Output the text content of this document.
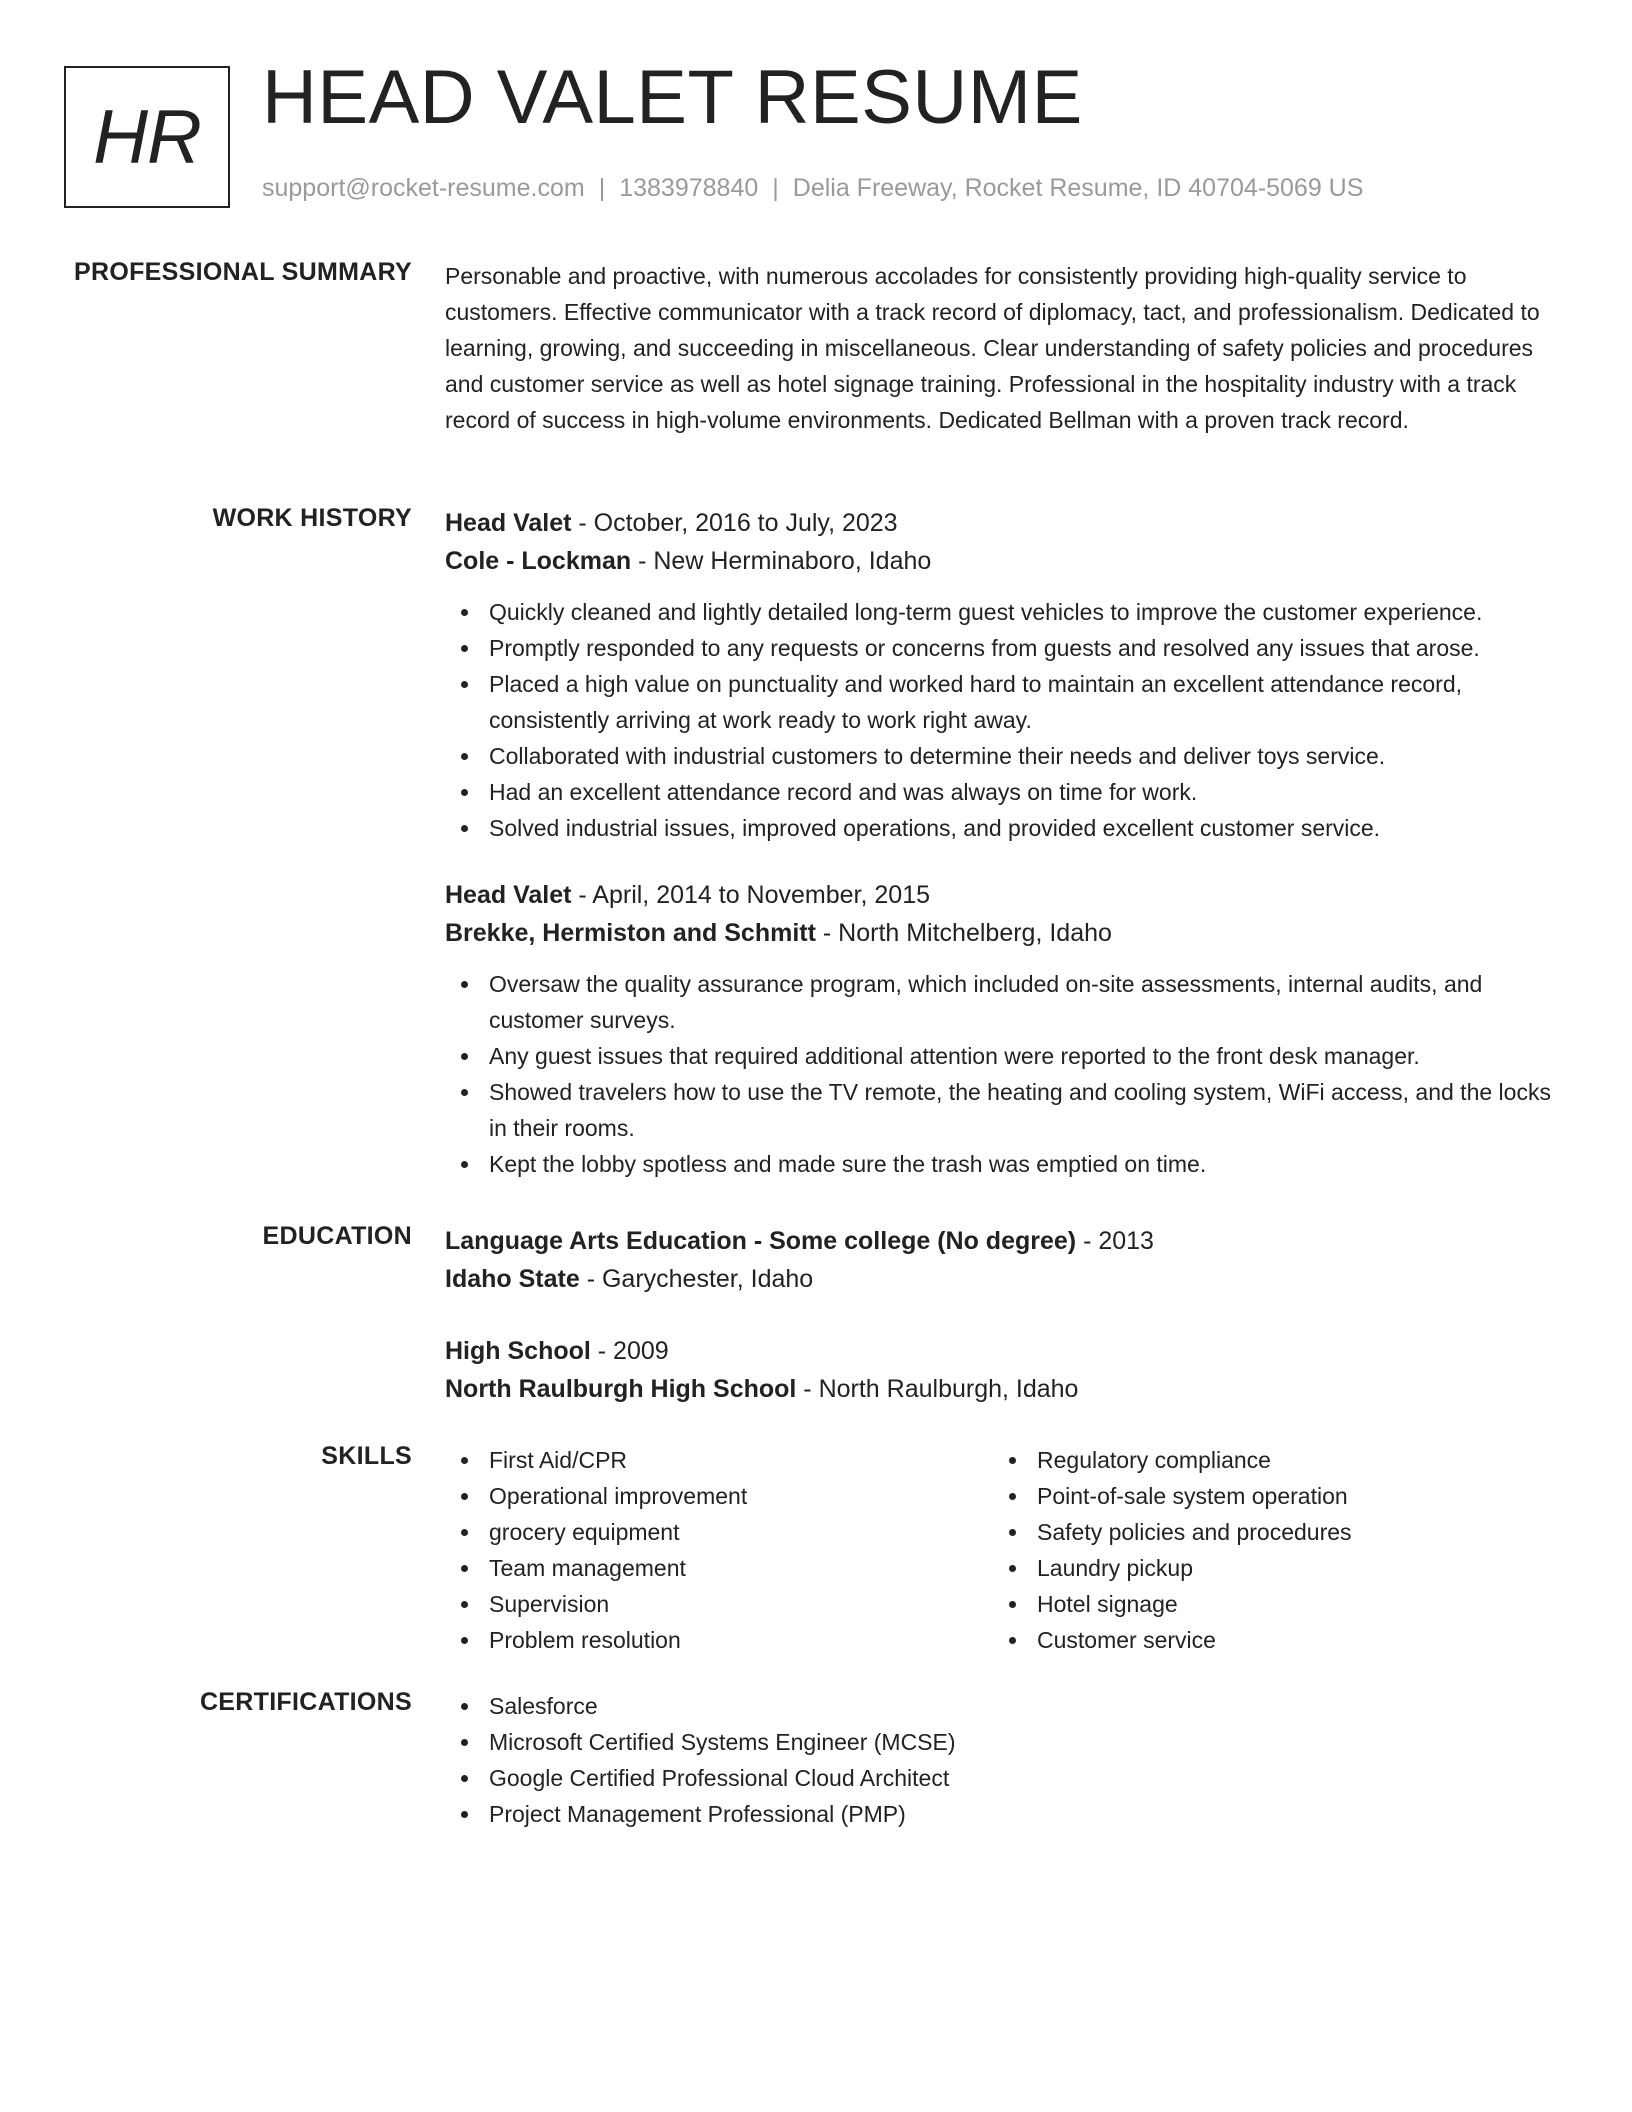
HR HEAD VALET RESUME
support@rocket-resume.com | 1383978840 | Delia Freeway, Rocket Resume, ID 40704-5069 US
PROFESSIONAL SUMMARY Personable and proactive, with numerous accolades for consistently providing high-quality service to customers. Effective communicator with a track record of diplomacy, tact, and professionalism. Dedicated to learning, growing, and succeeding in miscellaneous. Clear understanding of safety policies and procedures and customer service as well as hotel signage training. Professional in the hospitality industry with a track record of success in high-volume environments. Dedicated Bellman with a proven track record.

WORK HISTORY Head Valet - October, 2016 to July, 2023
Cole - Lockman - New Herminaboro, Idaho
Quickly cleaned and lightly detailed long-term guest vehicles to improve the customer experience.
Promptly responded to any requests or concerns from guests and resolved any issues that arose.
Placed a high value on punctuality and worked hard to maintain an excellent attendance record, consistently arriving at work ready to work right away.
Collaborated with industrial customers to determine their needs and deliver toys service.
Had an excellent attendance record and was always on time for work.
Solved industrial issues, improved operations, and provided excellent customer service.
Head Valet - April, 2014 to November, 2015
Brekke, Hermiston and Schmitt - North Mitchelberg, Idaho
Oversaw the quality assurance program, which included on-site assessments, internal audits, and customer surveys.
Any guest issues that required additional attention were reported to the front desk manager.
Showed travelers how to use the TV remote, the heating and cooling system, WiFi access, and the locks in their rooms.
Kept the lobby spotless and made sure the trash was emptied on time.
EDUCATION Language Arts Education - Some college (No degree) - 2013
Idaho State - Garychester, Idaho
High School - 2009
North Raulburgh High School - North Raulburgh, Idaho
SKILLS	First Aid/CPR
Operational improvement
grocery equipment
Team management
Supervision
Problem resolution
Regulatory compliance
Point-of-sale system operation
Safety policies and procedures
Laundry pickup
Hotel signage
Customer service
CERTIFICATIONS	Salesforce
Microsoft Certified Systems Engineer (MCSE)
Google Certified Professional Cloud Architect
Project Management Professional (PMP)
